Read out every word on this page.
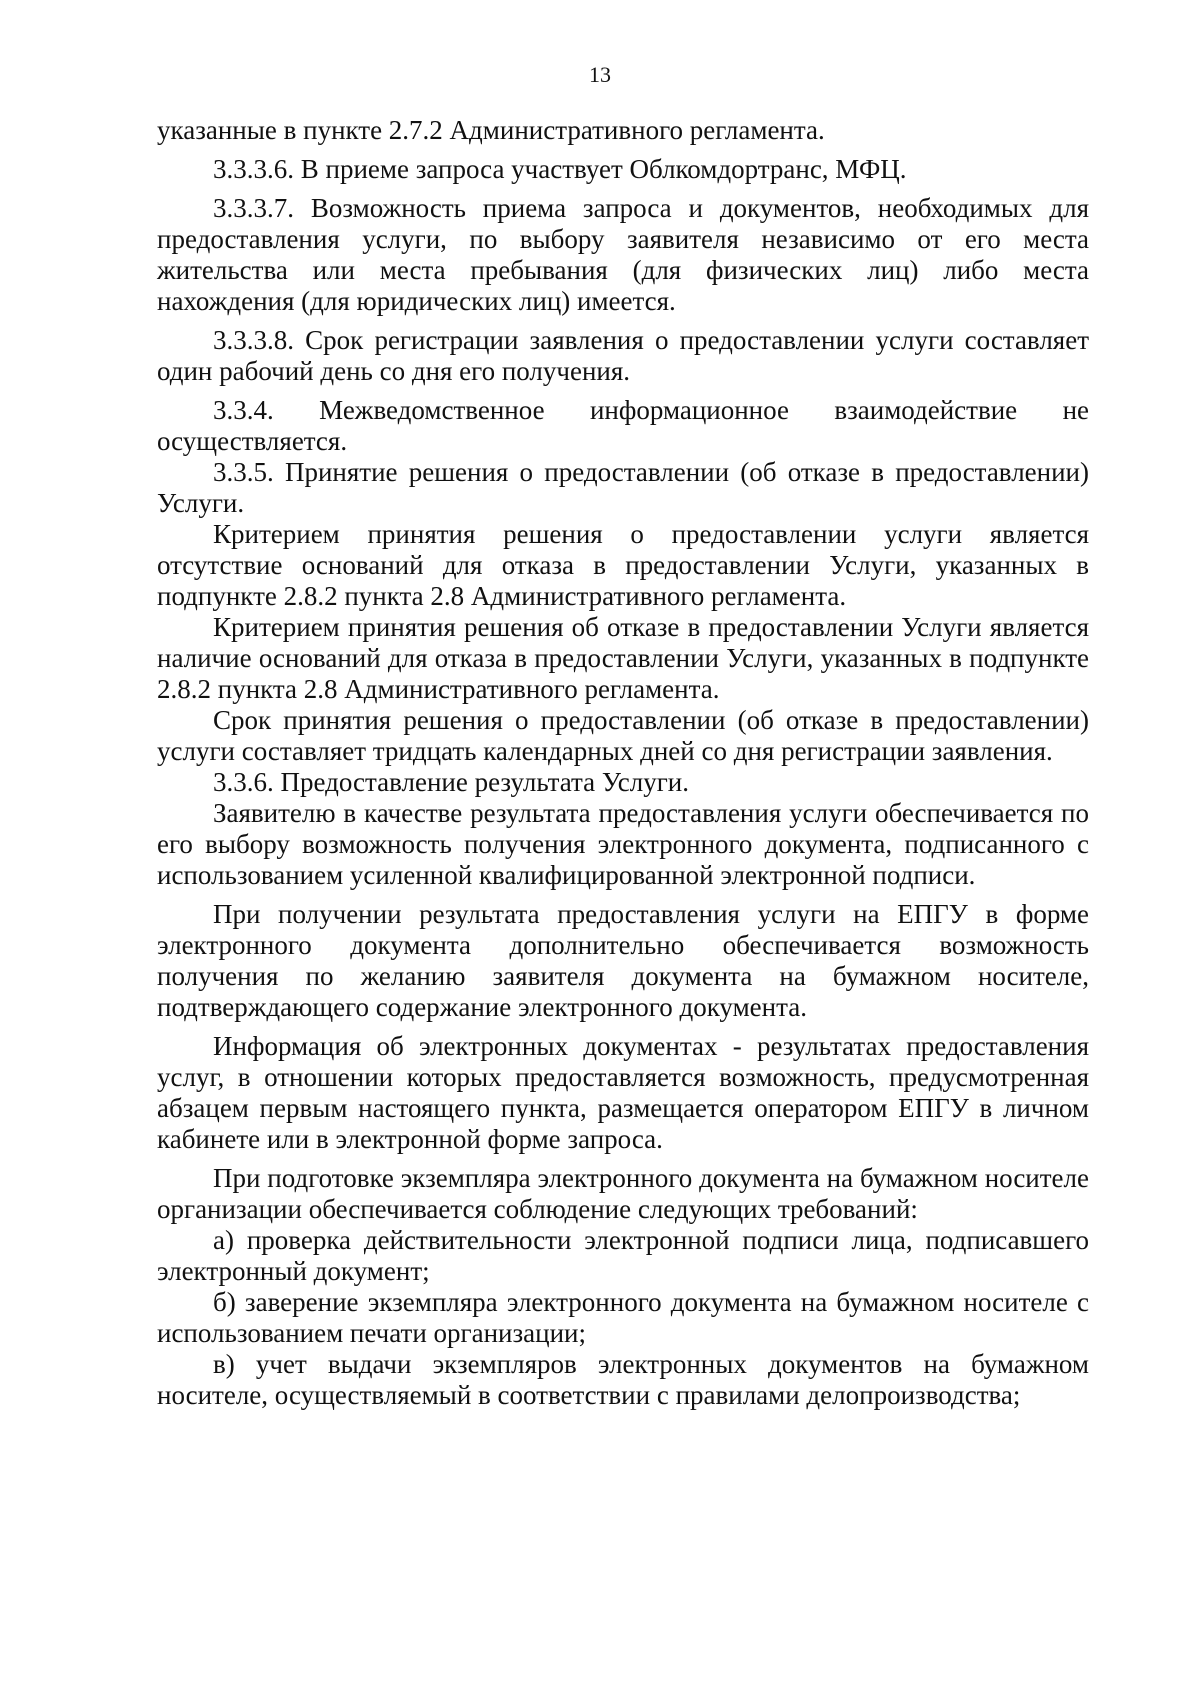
13

указанные в пункте 2.7.2 Административного регламента.

3.3.3.6. В приеме запроса участвует Облкомдортранс, МФЦ.

3.3.3.7. Возможность приема запроса и документов, необходимых для предоставления услуги, по выбору заявителя независимо от его места жительства или места пребывания (для физических лиц) либо места нахождения (для юридических лиц) имеется.

3.3.3.8. Срок регистрации заявления о предоставлении услуги составляет один рабочий день со дня его получения.

3.3.4. Межведомственное информационное взаимодействие не осуществляется.

3.3.5. Принятие решения о предоставлении (об отказе в предоставлении) Услуги.

Критерием принятия решения о предоставлении услуги является отсутствие оснований для отказа в предоставлении Услуги, указанных в подпункте 2.8.2 пункта 2.8 Административного регламента.

Критерием принятия решения об отказе в предоставлении Услуги является наличие оснований для отказа в предоставлении Услуги, указанных в подпункте 2.8.2 пункта 2.8 Административного регламента.

Срок принятия решения о предоставлении (об отказе в предоставлении) услуги составляет тридцать календарных дней со дня регистрации заявления.

3.3.6. Предоставление результата Услуги.

Заявителю в качестве результата предоставления услуги обеспечивается по его выбору возможность получения электронного документа, подписанного с использованием усиленной квалифицированной электронной подписи.

При получении результата предоставления услуги на ЕПГУ в форме электронного документа дополнительно обеспечивается возможность получения по желанию заявителя документа на бумажном носителе, подтверждающего содержание электронного документа.

Информация об электронных документах - результатах предоставления услуг, в отношении которых предоставляется возможность, предусмотренная абзацем первым настоящего пункта, размещается оператором ЕПГУ в личном кабинете или в электронной форме запроса.

При подготовке экземпляра электронного документа на бумажном носителе организации обеспечивается соблюдение следующих требований:

а) проверка действительности электронной подписи лица, подписавшего электронный документ;

б) заверение экземпляра электронного документа на бумажном носителе с использованием печати организации;

в) учет выдачи экземпляров электронных документов на бумажном носителе, осуществляемый в соответствии с правилами делопроизводства;
